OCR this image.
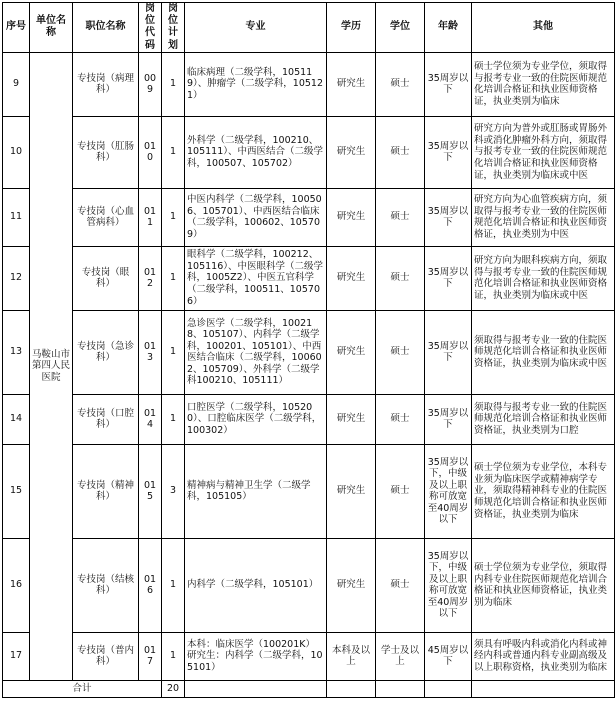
序号	单位名称	职位名称	岗位代码	岗位计划	专业	学历	学位	年龄	其他
9	马鞍山市第四人民医院	专技岗（病理科）	009	1	临床病理（二级学科，105119）、肿瘤学（二级学科，105121）	研究生	硕士	35周岁以下	硕士学位须为专业学位，须取得与报考专业一致的住院医师规范化培训合格证和执业医师资格证，执业类别为临床
10		专技岗（肛肠科）	010	1	外科学（二级学科，100210、105111）、中西医结合（二级学科，100507、105702）	研究生	硕士	35周岁以下	研究方向为普外或肛肠或胃肠外科或消化肿瘤外科方向，须取得与报考专业一致的住院医师规范化培训合格证和执业医师资格证，执业类别为临床或中医
11		专技岗（心血管病科）	011	1	中医内科学（二级学科，100506、105701）、中西医结合临床（二级学科，100602、105709）	研究生	硕士	35周岁以下	研究方向为心血管疾病方向，须取得与报考专业一致的住院医师规范化培训合格证和执业医师资格证，执业类别为中医
12		专技岗（眼科）	012	1	眼科学（二级学科，100212、105116）、中医眼科学（二级学科，1005Z2）、中医五官科学（二级学科，100511、105706）	研究生	硕士	35周岁以下	研究方向为眼科疾病方向，须取得与报考专业一致的住院医师规范化培训合格证和执业医师资格证，执业类别为临床或中医
13		专技岗（急诊科）	013	1	急诊医学（二级学科，100218、105107）、内科学（二级学科，100201、105101）、中西医结合临床（二级学科，100602、105709）、外科学（二级学科100210、105111）	研究生	硕士	35周岁以下	须取得与报考专业一致的住院医师规范化培训合格证和执业医师资格证，执业类别为临床或中医
14		专技岗（口腔科）	014	1	口腔医学（二级学科，105200）、口腔临床医学（二级学科，100302）	研究生	硕士	35周岁以下	须取得与报考专业一致的住院医师规范化培训合格证和执业医师资格证，执业类别为口腔
15		专技岗（精神科）	015	3	精神病与精神卫生学（二级学科，105105）	研究生	硕士	35周岁以下，中级及以上职称可放宽至40周岁以下	硕士学位须为专业学位，本科专业须为临床医学或精神病学专业，须取得精神科专业的住院医师规范化培训合格证和执业医师资格证，执业类别为临床
16		专技岗（结核科）	016	1	内科学（二级学科，105101）	研究生	硕士	35周岁以下，中级及以上职称可放宽至40周岁以下	硕士学位须为专业学位，须取得内科专业住院医师规范化培训合格证和执业医师资格证，执业类别为临床
17		专技岗（普内科）	017	1	本科：临床医学（100201K）研究生：内科学（二级学科，105101）	本科及以上	学士及以上	45周岁以下	须具有呼吸内科或消化内科或神经内科或普通内科专业副高级及以上职称资格，执业类别为临床
合计				20					
